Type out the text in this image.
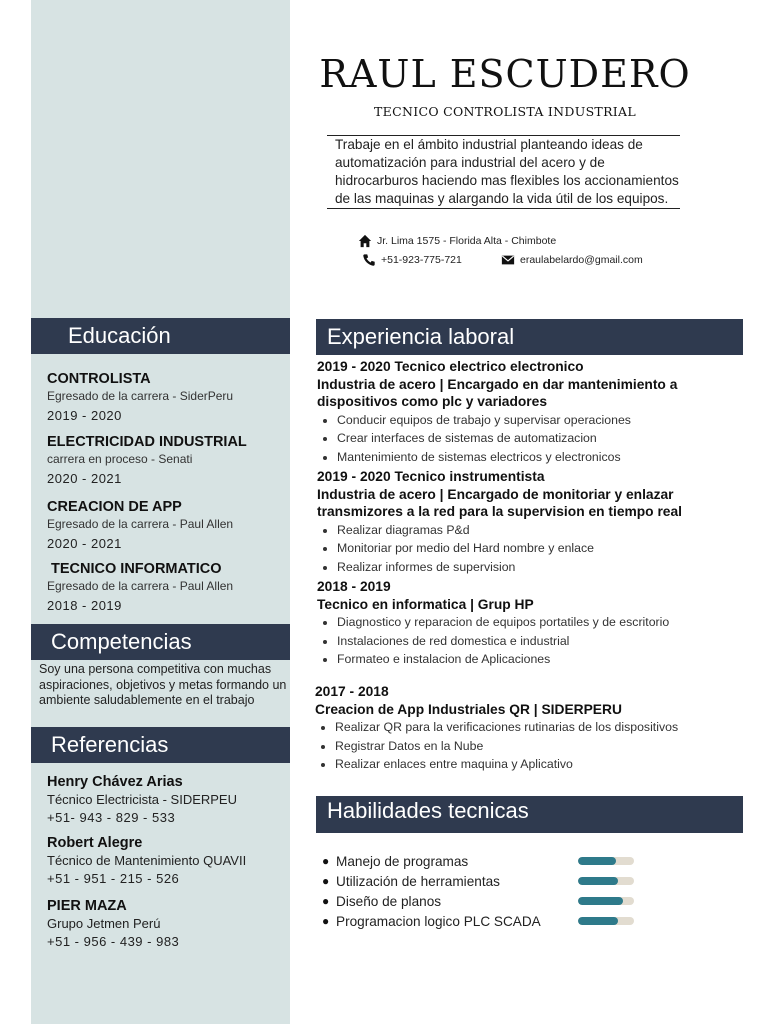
RAUL ESCUDERO
TECNICO CONTROLISTA INDUSTRIAL
Trabaje en el ámbito industrial planteando ideas de automatización para industrial del acero y de hidrocarburos haciendo mas flexibles los accionamientos de las maquinas y alargando la vida útil de los equipos.
Jr. Lima 1575 - Florida Alta - Chimbote
+51-923-775-721	eraulabelardo@gmail.com
Educación
CONTROLISTA
Egresado de la carrera - SiderPeru
2019 - 2020
ELECTRICIDAD INDUSTRIAL
carrera en proceso - Senati
2020 - 2021
CREACION DE APP
Egresado de la carrera - Paul Allen
2020 - 2021
TECNICO INFORMATICO
Egresado de la carrera - Paul Allen
2018 - 2019
Competencias
Soy una persona competitiva con muchas aspiraciones, objetivos y metas formando un ambiente saludablemente en el trabajo
Referencias
Henry Chávez Arias
Técnico Electricista - SIDERPEU
+51- 943 - 829 - 533
Robert Alegre
Técnico de Mantenimiento QUAVII
+51 - 951 - 215 - 526
PIER MAZA
Grupo Jetmen Perú
+51 - 956 - 439 - 983
Experiencia laboral
2019 - 2020 Tecnico electrico electronico
Industria de acero | Encargado en dar mantenimiento a dispositivos como plc y variadores
• Conducir equipos de trabajo y supervisar operaciones
• Crear interfaces de sistemas de automatizacion
• Mantenimiento de sistemas electricos y electronicos
2019 - 2020 Tecnico instrumentista
Industria de acero | Encargado de monitoriar y enlazar transmizores a la red para la supervision en tiempo real
• Realizar diagramas P&d
• Monitoriar por medio del Hard nombre y enlace
• Realizar informes de supervision
2018 - 2019
Tecnico en informatica | Grup HP
• Diagnostico y reparacion de equipos portatiles y de escritorio
• Instalaciones de red domestica e industrial
• Formateo e instalacion de Aplicaciones
2017 - 2018
Creacion de App Industriales QR | SIDERPERU
• Realizar QR para la verificaciones rutinarias de los dispositivos
• Registrar Datos en la Nube
• Realizar enlaces entre maquina y Aplicativo
Habilidades tecnicas
● Manejo de programas
● Utilización de herramientas
● Diseño de planos
● Programacion logico PLC SCADA
